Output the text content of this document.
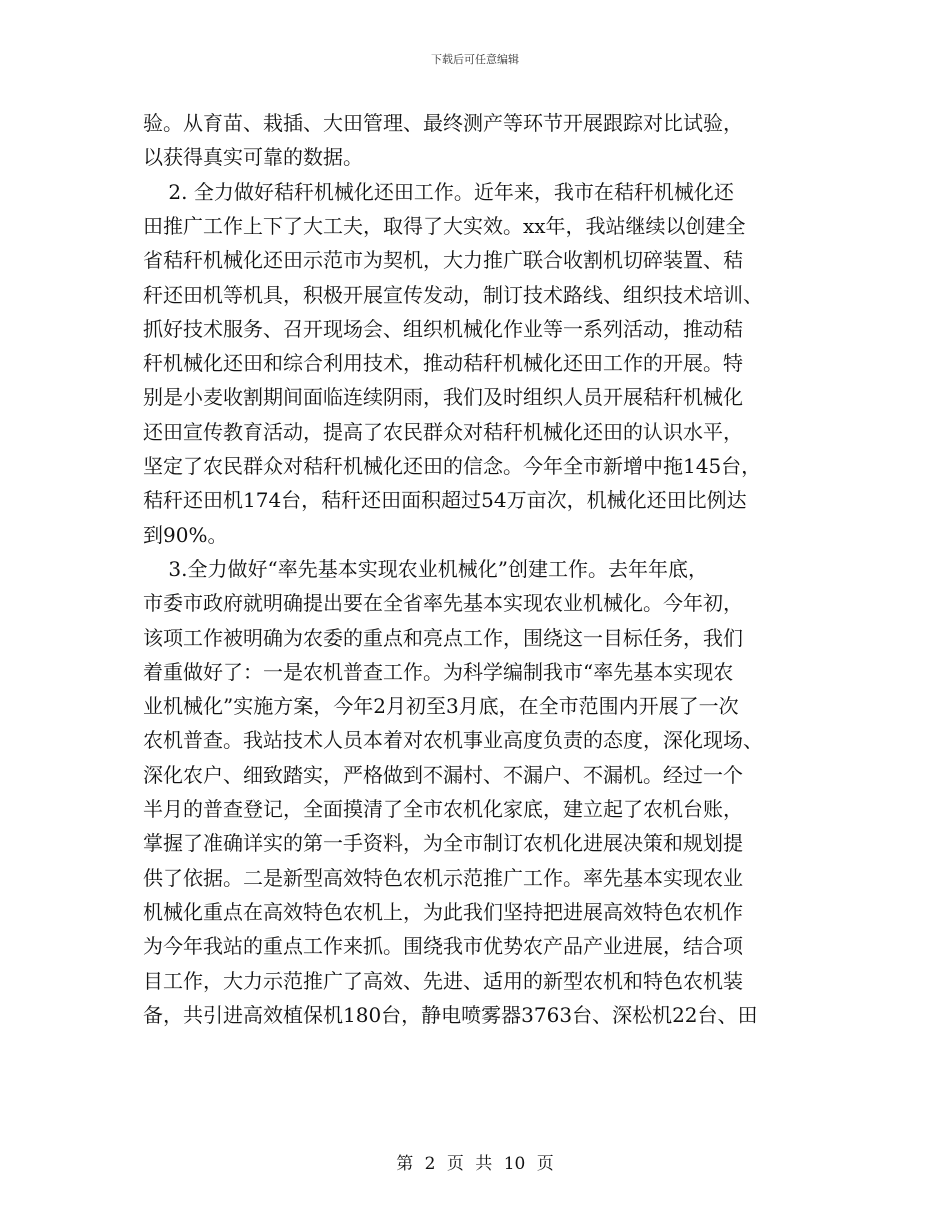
下载后可任意编辑
验。从育苗、栽插、大田管理、最终测产等环节开展跟踪对比试验，
以获得真实可靠的数据。
2. 全力做好秸秆机械化还田工作。近年来，我市在秸秆机械化还
田推广工作上下了大工夫，取得了大实效。xx年，我站继续以创建全
省秸秆机械化还田示范市为契机，大力推广联合收割机切碎装置、秸
秆还田机等机具，积极开展宣传发动，制订技术路线、组织技术培训、
抓好技术服务、召开现场会、组织机械化作业等一系列活动，推动秸
秆机械化还田和综合利用技术，推动秸秆机械化还田工作的开展。特
别是小麦收割期间面临连续阴雨，我们及时组织人员开展秸秆机械化
还田宣传教育活动，提高了农民群众对秸秆机械化还田的认识水平，
坚定了农民群众对秸秆机械化还田的信念。今年全市新增中拖145台，
秸秆还田机174台，秸秆还田面积超过54万亩次，机械化还田比例达
到90%。
3.全力做好“率先基本实现农业机械化”创建工作。去年年底，
市委市政府就明确提出要在全省率先基本实现农业机械化。今年初，
该项工作被明确为农委的重点和亮点工作，围绕这一目标任务，我们
着重做好了：一是农机普查工作。为科学编制我市“率先基本实现农
业机械化”实施方案，今年2月初至3月底，在全市范围内开展了一次
农机普查。我站技术人员本着对农机事业高度负责的态度，深化现场、
深化农户、细致踏实，严格做到不漏村、不漏户、不漏机。经过一个
半月的普查登记，全面摸清了全市农机化家底，建立起了农机台账，
掌握了准确详实的第一手资料，为全市制订农机化进展决策和规划提
供了依据。二是新型高效特色农机示范推广工作。率先基本实现农业
机械化重点在高效特色农机上，为此我们坚持把进展高效特色农机作
为今年我站的重点工作来抓。围绕我市优势农产品产业进展，结合项
目工作，大力示范推广了高效、先进、适用的新型农机和特色农机装
备，共引进高效植保机180台，静电喷雾器3763台、深松机22台、田
第 2 页 共 10 页
